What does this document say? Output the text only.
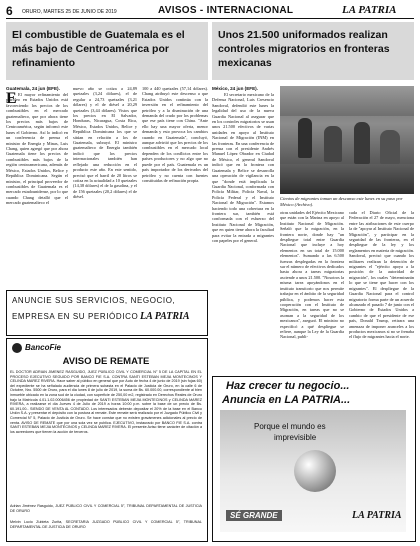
6 ORURO, MARTES 25 DE JUNIO DE 2019	AVISOS - INTERNACIONAL	LA PATRIA
El combustible de Guatemala es el más bajo de Centroamérica por refinamiento
Guatemala, 24 jun (EFE).
E El mayor refinamiento del petróleo en Estados Unidos está favoreciendo los precios de los combustibles en el mercado guatemalteco, que por ahora tiene los precios más bajos de Centroamérica, según informó este lunes el Gobierno. Así lo indicó en un conferencia de prensa el ministro de Energía y Minas, Luis Chang, quien agregó que por ahora Guatemala tiene los precios de combustibles más bajos de la región centroamericana, además de México, Estados Unidos, Belice y República Dominicana. Según el ministro, el principal proveedor de combustibles de Guatemala es el mercado estadounidense, por lo que cuando Chang detalló que el mercado guatemalteco el
nuevo año se cotiza a 24,89 quetzales (3,24 dólares), el de regular a 24,73 quetzales (3,21 dólares) y el de diésel a 20,29 quetzales (3,44 dólares). Vistos que los precios en El Salvador, Honduras, Nicaragua, Costa Rica, México, Estados Unidos, Belice y República Dominicana los que se sitúan en relación a los de Guatemala, subrayó. El ministro guatemalteco de Energía también indicó que los precios internacionales también han reflejado una reducción en el producto este año. En este sentido, precisó que el barril de 20 litros se cotiza en la actualidad a 10 quetzales (14,38 dólares) el de la gasolina, y el de 156 quetzales (20,2 dólares) el de diésel.
100 a 440 quetzales (57,14 dólares). Chang atribuyó este descenso a que Estados Unidos continúa con la inversión en el refinamiento del petróleo y a la disminución de una demanda del crudo por los problemas que ese país tiene con China. "Ante ello hay una mayor oferta, menor demanda y esto provoca los cambios cuando en Guatemala", concluyó, aunque advirtió que los precios de los combustibles en el mercado local dependen de los conflictos entre los países productores y no algo que no puede por el país. Guatemala es un país importador de los derivados del petróleo y no cuenta con fuentes constituidas de refinación propia.
Unos 21.500 uniformados realizan controles migratorios en fronteras mexicanas
México, 24 jun (EFE).
El secretario mexicano de la Defensa Nacional, Luis Cresencio Sandoval, defendió este lunes la legalidad del uso de la nueva Guardia Nacional al asegurar que en los controles migratorios se usan unos 21.500 efectivos de varias unidades en apoyo al Instituto Nacional de Migración (INM) en las fronteras. En una conferencia de prensa con el presidente Andrés Manuel López Obrador en Ciudad de México, el general Sandoval indicó que en la frontera con Guatemala y Belice se desarrolla una operación de vigilancia en la que "donde está implicada la Guardia Nacional, conformada con Policía Militar, Policía Naval, la Policía Federal y el Instituto Nacional de Migración". Estamos haciendo todo una cobertura en la frontera sur, también está conformada con el esfuerzo del Instituto Nacional de Migración, que en quien tiene ahora la facultad para evitar la entrada a migrantes con papeles por el general.
Cientos de migrantes toman un descanso este lunes en su paso por México (Archivo).
otras unidades del Ejército Mexicano que están con la Marina en apoyo al Instituto Nacional de Migración. Señaló que la migración, en la frontera norte, donde hay "un despliegue total entre Guardia Nacional que incluye a hoy elementos en un total de 15.000 elementos". Sumando a las 6.500 fuerzas desplegadas en la frontera sur el número de efectivos dedicados hasta ahora a tareas migratorias asciende a unos 21.500. "Nosotros la misma tarea apoyándonos en el instituto transitorio que nos permite trabajar en el ámbito de la seguridad pública, y podemos hacer esta cooperación con el Instituto de Migración, en tareas que no se asoman a la seguridad de los mexicanos", aseguró. El ministro no especificó a qué despliegue se refiere, aunque la Ley de la Guardia Nacional, publi-
cada el Diario Oficial de la Federación el 27 de mayo, menciona entre las atribuciones de este cuerpo la de "apoyar al Instituto Nacional de Migración", y participar en la seguridad de las fronteras, en el despliegue de la ley y los reglamentos en materia de migración. Sandoval, precisó que cuando los militares realizan la detención de migrantes el "ejército apoya a la posición de la autoridad de migración", los cuales "determinarán lo que se tiene que hacer con los migrantes". El despliegue de la Guardia Nacional para el control migratorio forma parte de un acuerdo alcanzado el pasado 7 de junio con el Gobierno de Estados Unidos a cambio de que el presidente de ese país, Donald Trump, retirara una amenaza de imponer aranceles a los productos mexicanos si no se frenaba el flujo de migrantes hacia el norte.
ANUNCIE SUS SERVICIOS, NEGOCIO,
EMPRESA EN SU PERIÓDICO LA PATRIA
BancoFie
AVISO DE REMATE
EL DOCTOR ADRIAN JIMENEZ RASGUIDO, JUEZ PÚBLICO CIVIL Y COMERCIAL N° 5 DE LA CAPITAL EN EL PROCESO EJECUTIVO SEGUIDO POR BANCO FIE S.A. CONTRA SANTI ESTEBAN MEJIA MONTECINOS Y CELINDA MAREZ RIVERA. Hace saber al público en general que por Auto de fecha 4 de junio de 2019 (sin fojas 60) del expediente se ha señalado audiencia de primera subasta en el Palacio de Justicia de Oruro, en la calle 6 de Octubre, Nro. 5500 de Oruro, para el día lunes 8 de julio de 2019, la suma de Bs. 60.000.00, correspondiente al bien inmueble ubicado en la zona sud de la ciudad, con superficie de 250,00 m2, registrado en Derechos Reales de Oruro bajo la Matrícula 4.01.1.02.0006456 de propiedad de SANTI ESTEBAN MEJIA MONTECINOS y CELINDA MAREZ RIVERA, a realizarse el día Jueves 4 de Julio de 2019 a horas 10:00 p.m. sobre la base de un precio de Bs. 60.191,00.- SIENDO DE VENTA AL CONTADO. Los interesados deberán depositar el 20% de la base en el Banco Unión S.A. y presentar el depósito con la postura al remate. Este remate será realizado por el Juzgado Público Civil y Comercial N° 5, Palacio de Justicia de Oruro. Se hace constar que no existen gravámenes adicionales al precio de venta. AVISO DE REMATE que por una sola vez se publica. EJECUTIVO, instaurado por BANCO FIE S.A. contra SANTI ESTEBAN MEJIA MONTECINOS y CELINDA MAREZ RIVERA. El presente Aviso tiene carácter de citación a los acreedores que tienen la acción de terceros.
Adrian Jiménez Rasguido, JUEZ PÚBLICO CIVIL Y COMERCIAL 5°, TRIBUNAL DEPARTAMENTAL DE JUSTICIA DE ORURO
Melvin Lucio Zubieta Zurita, SECRETARIA JUZGADO PÚBLICO CIVIL Y COMERCIAL 5°, TRIBUNAL DEPARTAMENTAL DE JUSTICIA DE ORURO
Haz crecer tu negocio...
Anuncia en LA PATRIA...
Porque el mundo es
imprevisible
SÉ GRANDE	LA PATRIA
